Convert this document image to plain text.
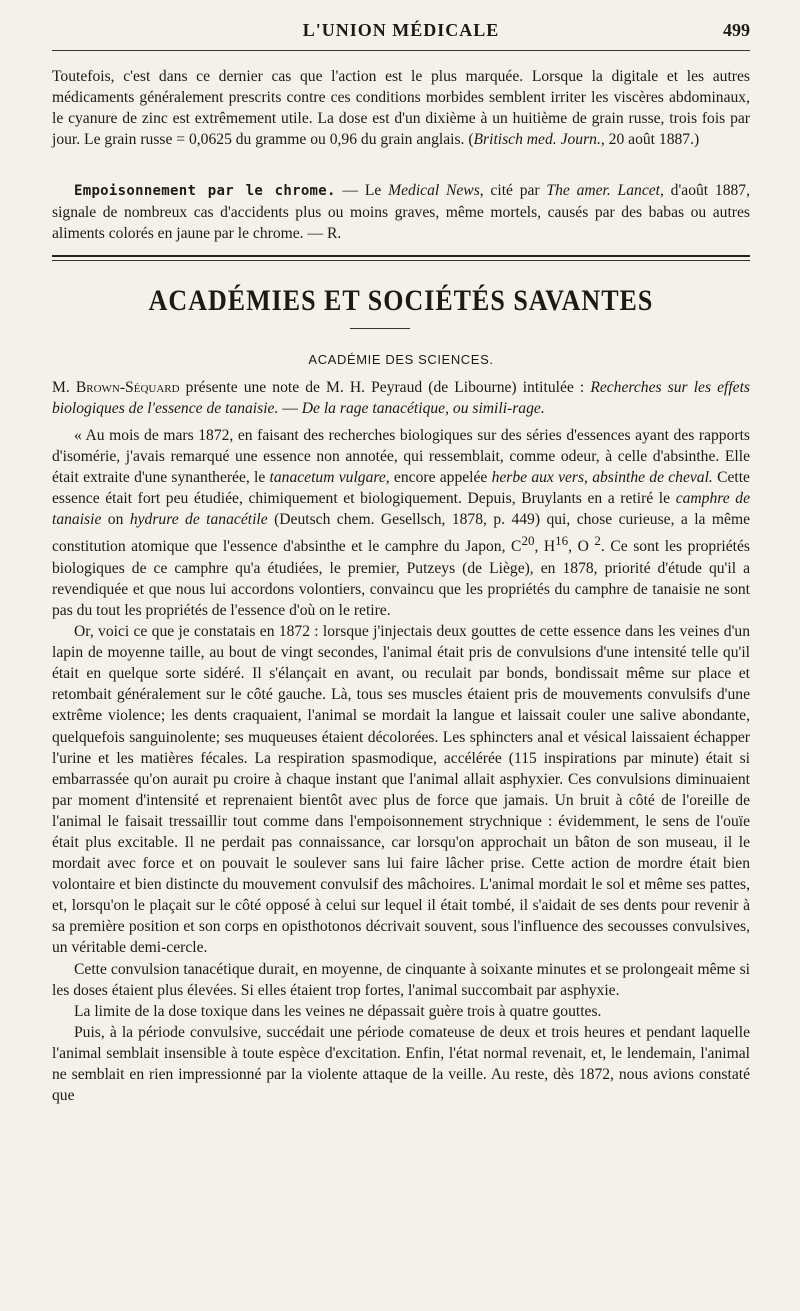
L'UNION MÉDICALE	499

Toutefois, c'est dans ce dernier cas que l'action est le plus marquée. Lorsque la digitale et les autres médicaments généralement prescrits contre ces conditions morbides semblent irriter les viscères abdominaux, le cyanure de zinc est extrêmement utile. La dose est d'un dixième à un huitième de grain russe, trois fois par jour. Le grain russe = 0,0625 du gramme ou 0,96 du grain anglais. (Britisch med. Journ., 20 août 1887.)

Empoisonnement par le chrome. — Le Medical News, cité par The amer. Lancet, d'août 1887, signale de nombreux cas d'accidents plus ou moins graves, même mortels, causés par des babas ou autres aliments colorés en jaune par le chrome. — R.

ACADÉMIES ET SOCIÉTÉS SAVANTES
ACADÉMIE DES SCIENCES.

M. Brown-Séquard présente une note de M. H. Peyraud (de Libourne) intitulée : Recherches sur les effets biologiques de l'essence de tanaisie. — De la rage tanacétique, ou simili-rage.

« Au mois de mars 1872, en faisant des recherches biologiques sur des séries d'essences ayant des rapports d'isomérie, j'avais remarqué une essence non annotée, qui ressemblait, comme odeur, à celle d'absinthe. Elle était extraite d'une synantherée, le tanacetum vulgare, encore appelée herbe aux vers, absinthe de cheval. Cette essence était fort peu étudiée, chimiquement et biologiquement. Depuis, Bruylants en a retiré le camphre de tanaisie on hydrure de tanacétile (Deutsch chem. Gesellsch, 1878, p. 449) qui, chose curieuse, a la même constitution atomique que l'essence d'absinthe et le camphre du Japon, $C^{20}$, $H^{16}$, O $^2$. Ce sont les propriétés biologiques de ce camphre qu'a étudiées, le premier, Putzeys (de Liège), en 1878, priorité d'étude qu'il a revendiquée et que nous lui accordons volontiers, convaincu que les propriétés du camphre de tanaisie ne sont pas du tout les propriétés de l'essence d'où on le retire.

Or, voici ce que je constatais en 1872 : lorsque j'injectais deux gouttes de cette essence dans les veines d'un lapin de moyenne taille, au bout de vingt secondes, l'animal était pris de convulsions d'une intensité telle qu'il était en quelque sorte sidéré. Il s'élançait en avant, ou reculait par bonds, bondissait même sur place et retombait généralement sur le côté gauche. Là, tous ses muscles étaient pris de mouvements convulsifs d'une extrême violence; les dents craquaient, l'animal se mordait la langue et laissait couler une salive abondante, quelquefois sanguinolente; ses muqueuses étaient décolorées. Les sphincters anal et vésical laissaient échapper l'urine et les matières fécales. La respiration spasmodique, accélérée (115 inspirations par minute) était si embarrassée qu'on aurait pu croire à chaque instant que l'animal allait asphyxier. Ces convulsions diminuaient par moment d'intensité et reprenaient bientôt avec plus de force que jamais. Un bruit à côté de l'oreille de l'animal le faisait tressaillir tout comme dans l'empoisonnement strychnique : évidemment, le sens de l'ouïe était plus excitable. Il ne perdait pas connaissance, car lorsqu'on approchait un bâton de son museau, il le mordait avec force et on pouvait le soulever sans lui faire lâcher prise. Cette action de mordre était bien volontaire et bien distincte du mouvement convulsif des mâchoires. L'animal mordait le sol et même ses pattes, et, lorsqu'on le plaçait sur le côté opposé à celui sur lequel il était tombé, il s'aidait de ses dents pour revenir à sa première position et son corps en opisthotonos décrivait souvent, sous l'influence des secousses convulsives, un véritable demi-cercle.

Cette convulsion tanacétique durait, en moyenne, de cinquante à soixante minutes et se prolongeait même si les doses étaient plus élevées. Si elles étaient trop fortes, l'animal succombait par asphyxie.

La limite de la dose toxique dans les veines ne dépassait guère trois à quatre gouttes.

Puis, à la période convulsive, succédait une période comateuse de deux et trois heures et pendant laquelle l'animal semblait insensible à toute espèce d'excitation. Enfin, l'état normal revenait, et, le lendemain, l'animal ne semblait en rien impressionné par la violente attaque de la veille. Au reste, dès 1872, nous avions constaté que
